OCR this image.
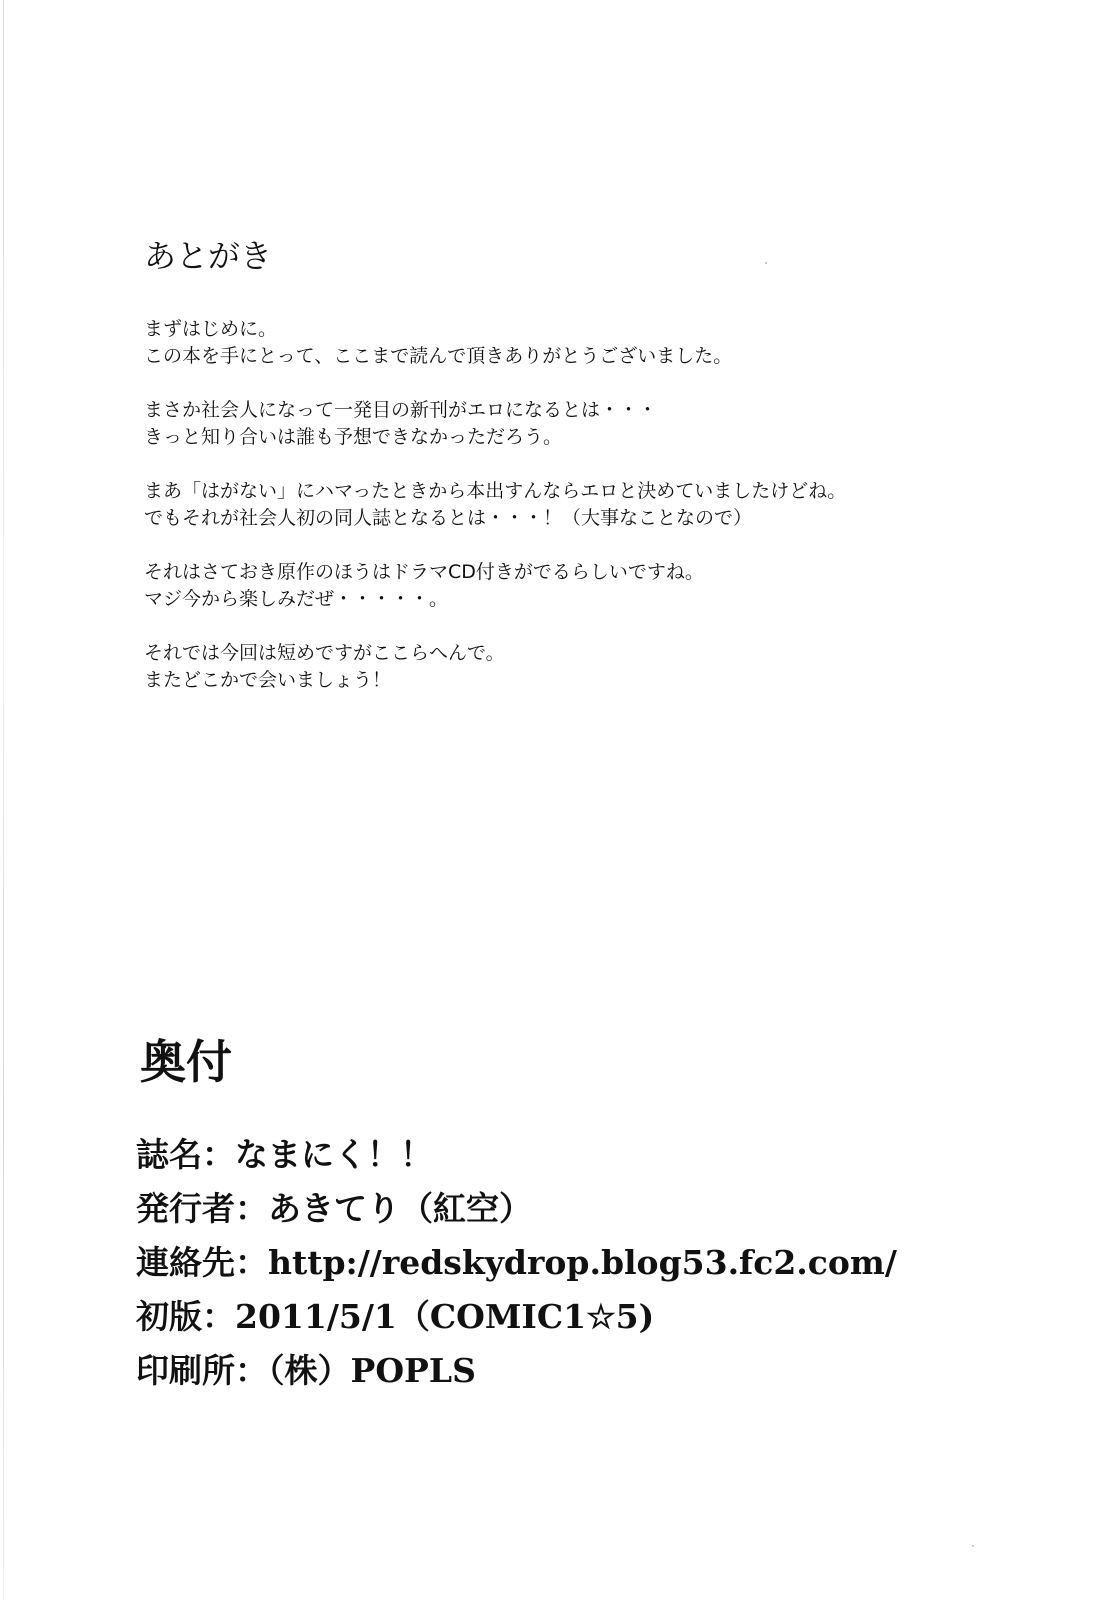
あとがき
まずはじめに。
この本を手にとって、ここまで読んで頂きありがとうございました。
まさか社会人になって一発目の新刊がエロになるとは・・・
きっと知り合いは誰も予想できなかっただろう。
まあ「はがない」にハマったときから本出すんならエロと決めていましたけどね。
でもそれが社会人初の同人誌となるとは・・・！（大事なことなので）
それはさておき原作のほうはドラマCD付きがでるらしいですね。
マジ今から楽しみだぜ・・・・・。
それでは今回は短めですがここらへんで。
またどこかで会いましょう！
奥付
誌名：なまにく！！
発行者：あきてり（紅空）
連絡先：http://redskydrop.blog53.fc2.com/
初版：2011/5/1（COMIC1☆5)
印刷所：（株）POPLS
